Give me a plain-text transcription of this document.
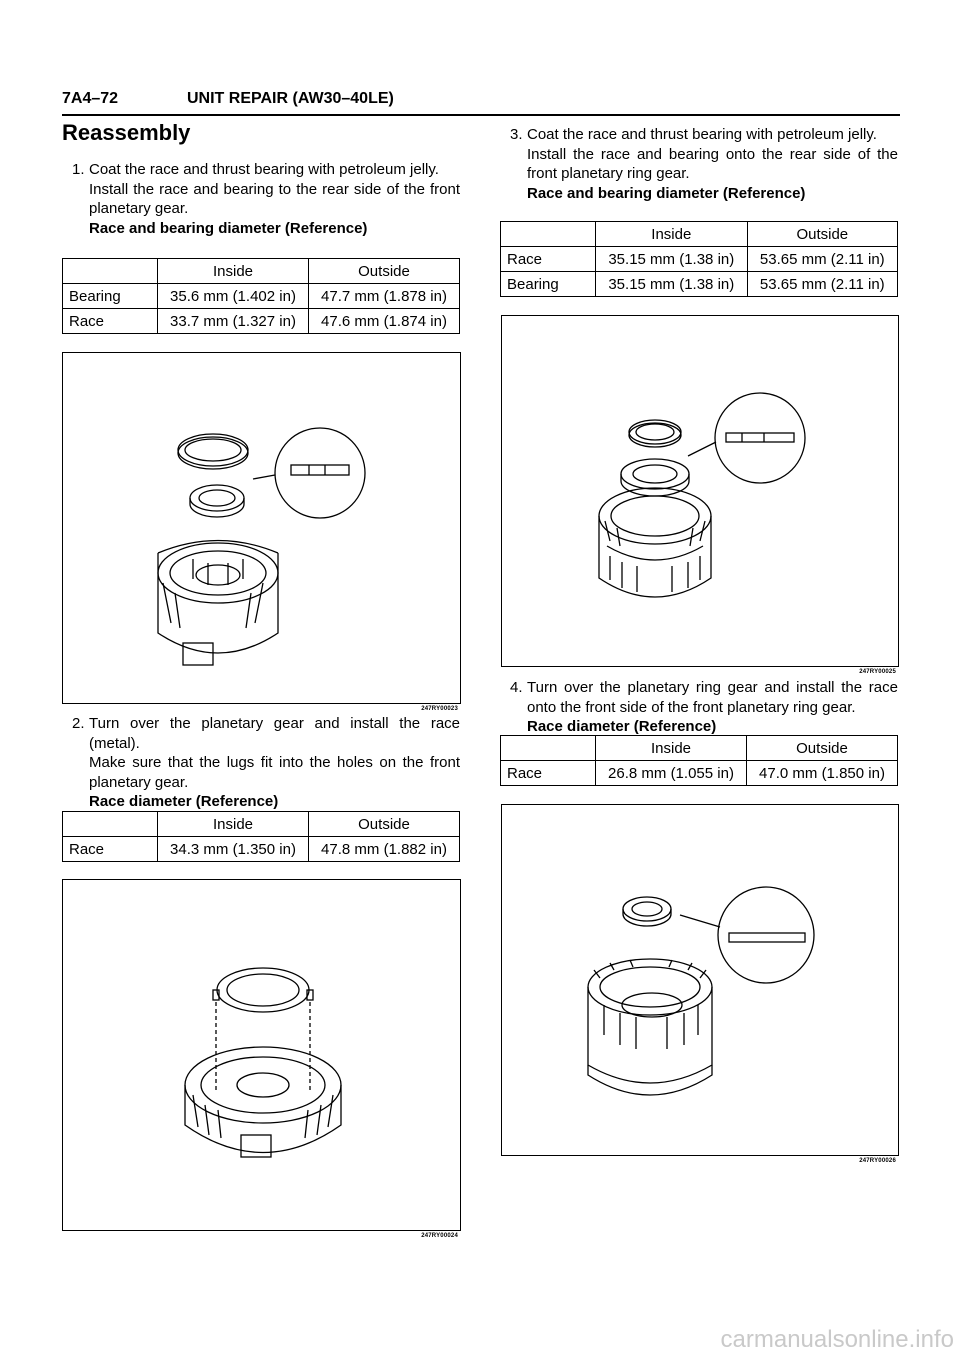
7A4–72	UNIT REPAIR (AW30–40LE)
Reassembly
1. Coat the race and thrust bearing with petroleum jelly.

Install the race and bearing to the rear side of the front planetary gear.

Race and bearing diameter (Reference)

	Inside	Outside
Bearing	35.6 mm (1.402 in)	47.7 mm (1.878 in)
Race	33.7 mm (1.327 in)	47.6 mm (1.874 in)
247RY00023
2. Turn over the planetary gear and install the race (metal).

Make sure that the lugs fit into the holes on the front planetary gear.

Race diameter (Reference)

	Inside	Outside
Race	34.3 mm (1.350 in)	47.8 mm (1.882 in)
247RY00024
3. Coat the race and thrust bearing with petroleum jelly.

Install the race and bearing onto the rear side of the front planetary ring gear.

Race and bearing diameter (Reference)

	Inside	Outside
Race	35.15 mm (1.38 in)	53.65 mm (2.11 in)
Bearing	35.15 mm (1.38 in)	53.65 mm (2.11 in)
247RY00025
4. Turn over the planetary ring gear and install the race onto the front side of the front planetary ring gear.

Race diameter (Reference)

	Inside	Outside
Race	26.8 mm (1.055 in)	47.0 mm (1.850 in)
247RY00026
carmanualsonline.info
